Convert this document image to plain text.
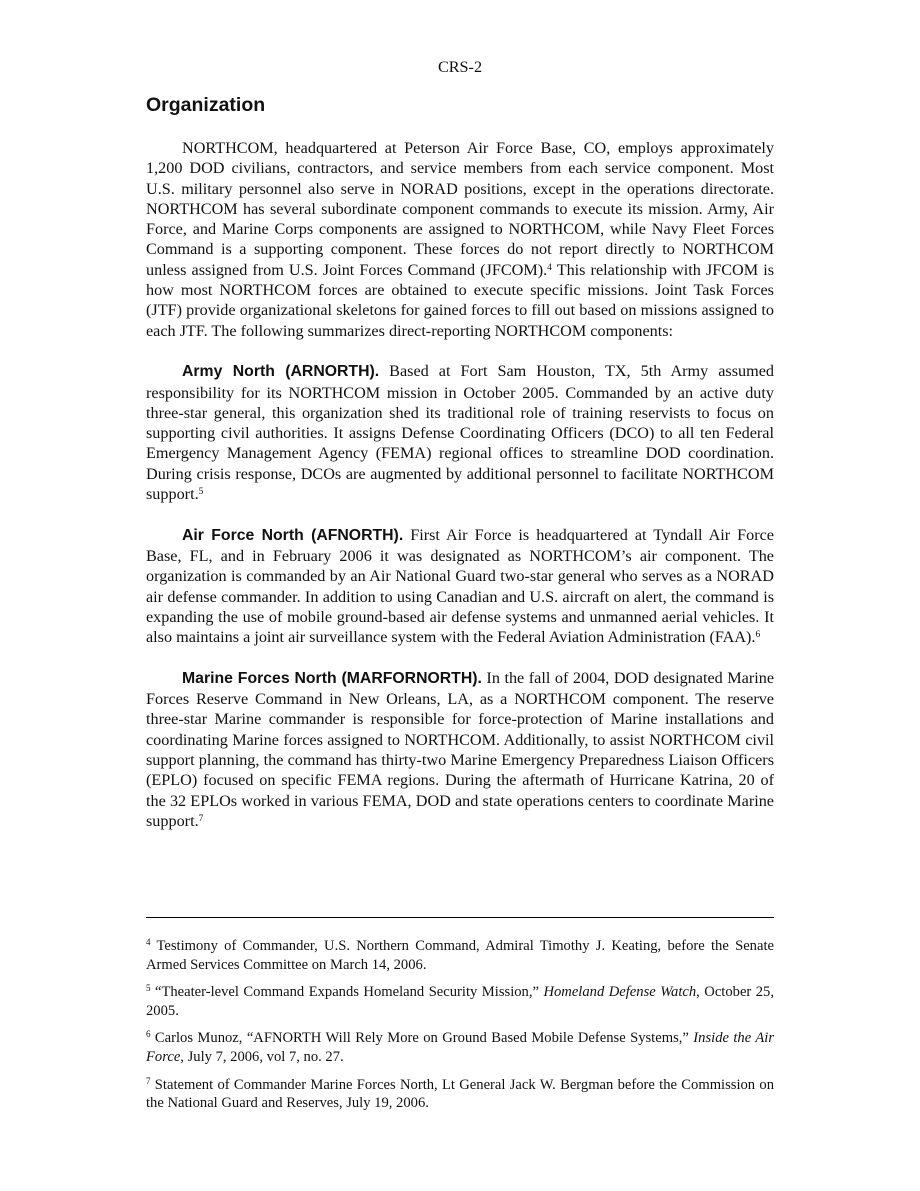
CRS-2
Organization

NORTHCOM, headquartered at Peterson Air Force Base, CO, employs approximately 1,200 DOD civilians, contractors, and service members from each service component. Most U.S. military personnel also serve in NORAD positions, except in the operations directorate. NORTHCOM has several subordinate component commands to execute its mission. Army, Air Force, and Marine Corps components are assigned to NORTHCOM, while Navy Fleet Forces Command is a supporting component. These forces do not report directly to NORTHCOM unless assigned from U.S. Joint Forces Command (JFCOM).$^4$ This relationship with JFCOM is how most NORTHCOM forces are obtained to execute specific missions. Joint Task Forces (JTF) provide organizational skeletons for gained forces to fill out based on missions assigned to each JTF. The following summarizes direct-reporting NORTHCOM components:

Army North (ARNORTH). Based at Fort Sam Houston, TX, 5th Army assumed responsibility for its NORTHCOM mission in October 2005. Commanded by an active duty three-star general, this organization shed its traditional role of training reservists to focus on supporting civil authorities. It assigns Defense Coordinating Officers (DCO) to all ten Federal Emergency Management Agency (FEMA) regional offices to streamline DOD coordination. During crisis response, DCOs are augmented by additional personnel to facilitate NORTHCOM support.$^5$

Air Force North (AFNORTH). First Air Force is headquartered at Tyndall Air Force Base, FL, and in February 2006 it was designated as NORTHCOM’s air component. The organization is commanded by an Air National Guard two-star general who serves as a NORAD air defense commander. In addition to using Canadian and U.S. aircraft on alert, the command is expanding the use of mobile ground-based air defense systems and unmanned aerial vehicles. It also maintains a joint air surveillance system with the Federal Aviation Administration (FAA).$^6$

Marine Forces North (MARFORNORTH). In the fall of 2004, DOD designated Marine Forces Reserve Command in New Orleans, LA, as a NORTHCOM component. The reserve three-star Marine commander is responsible for force-protection of Marine installations and coordinating Marine forces assigned to NORTHCOM. Additionally, to assist NORTHCOM civil support planning, the command has thirty-two Marine Emergency Preparedness Liaison Officers (EPLO) focused on specific FEMA regions. During the aftermath of Hurricane Katrina, 20 of the 32 EPLOs worked in various FEMA, DOD and state operations centers to coordinate Marine support.$^7$

$^4$ Testimony of Commander, U.S. Northern Command, Admiral Timothy J. Keating, before the Senate Armed Services Committee on March 14, 2006.

$^5$ “Theater-level Command Expands Homeland Security Mission,” Homeland Defense Watch, October 25, 2005.

$^6$ Carlos Munoz, “AFNORTH Will Rely More on Ground Based Mobile Defense Systems,” Inside the Air Force, July 7, 2006, vol 7, no. 27.

$^7$ Statement of Commander Marine Forces North, Lt General Jack W. Bergman before the Commission on the National Guard and Reserves, July 19, 2006.
